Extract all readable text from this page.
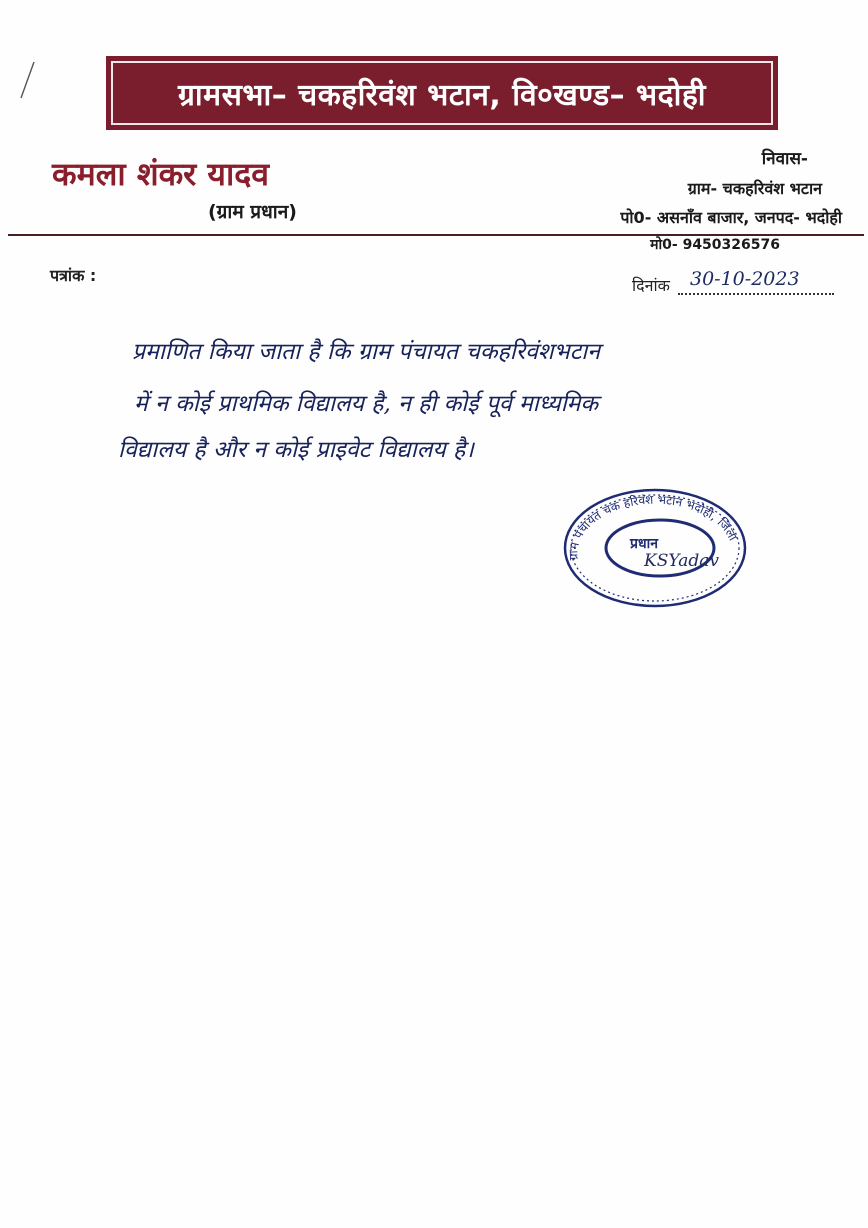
ग्रामसभा– चकहरिवंश भटान, वि०खण्ड– भदोही
कमला शंकर यादव
(ग्राम प्रधान)
निवास-
ग्राम- चकहरिवंश भटान
पो0- असनाँव बाजार, जनपद- भदोही
मो0- 9450326576
पत्रांक :
दिनांक 30-10-2023
प्रमाणित किया जाता है कि ग्राम पंचायत चकहरिवंशभटान
में न कोई प्राथमिक विद्यालय है, न ही कोई पूर्व माध्यमिक
विद्यालय है और न कोई प्राइवेट विद्यालय है।
ग्राम पंचायत चक हरिवंश भटान भदोही, जिला
प्रधान
KSYadav
